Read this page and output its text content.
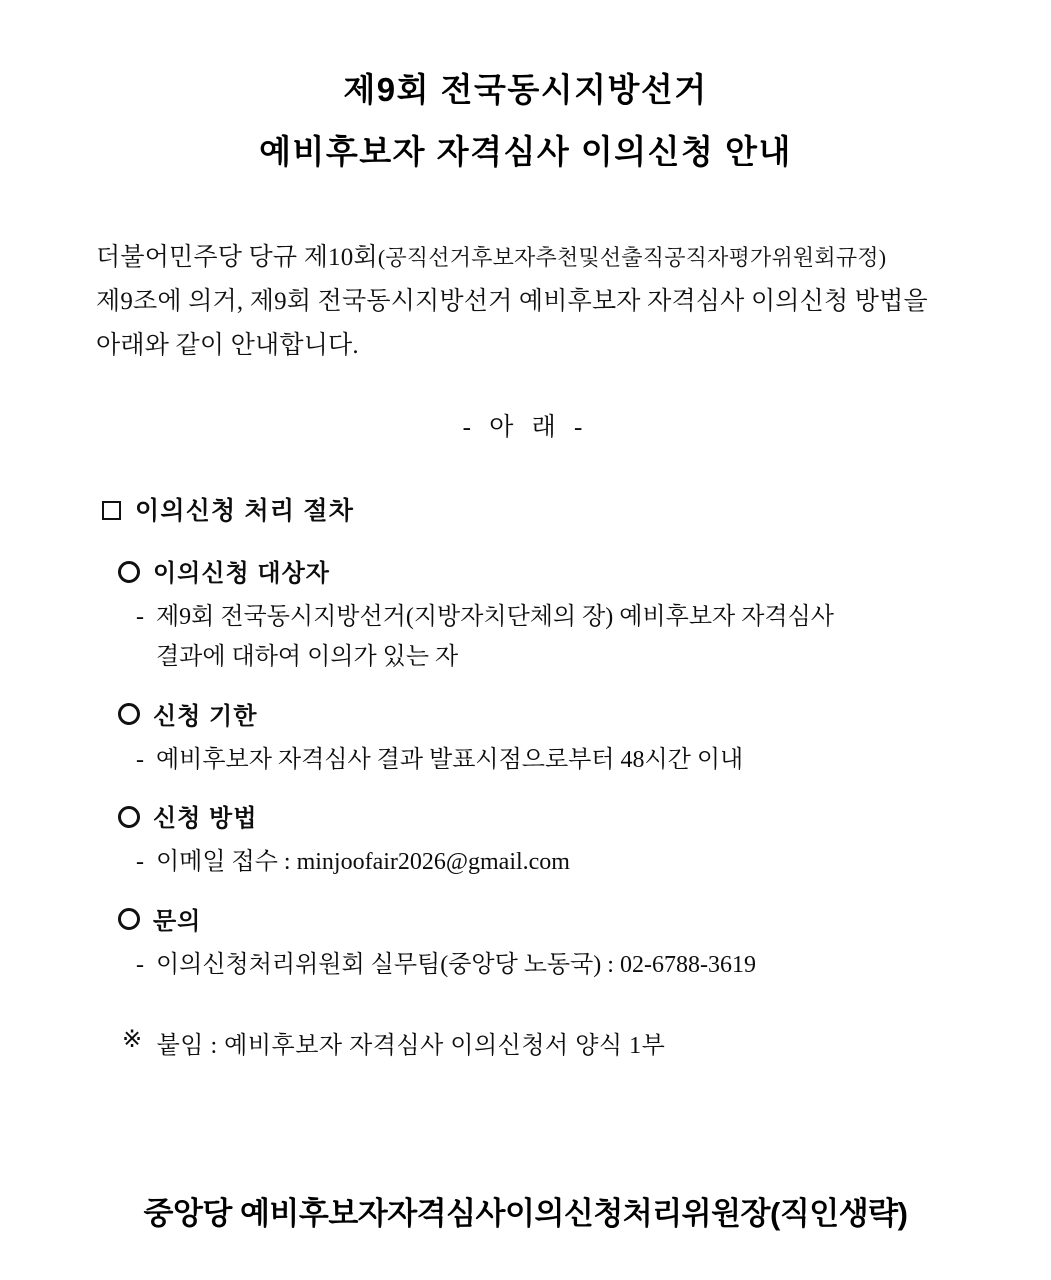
제9회 전국동시지방선거
예비후보자 자격심사 이의신청 안내

더불어민주당 당규 제10회(공직선거후보자추천및선출직공직자평가위원회규정)
제9조에 의거, 제9회 전국동시지방선거 예비후보자 자격심사 이의신청 방법을
아래와 같이 안내합니다.

- 아 래 -
이의신청 처리 절차
이의신청 대상자
- 제9회 전국동시지방선거(지방자치단체의 장) 예비후보자 자격심사
결과에 대하여 이의가 있는 자
신청 기한
- 예비후보자 자격심사 결과 발표시점으로부터 48시간 이내
신청 방법
- 이메일 접수 : minjoofair2026@gmail.com
문의
- 이의신청처리위원회 실무팀(중앙당 노동국) : 02-6788-3619
※ 붙임 : 예비후보자 자격심사 이의신청서 양식 1부
중앙당 예비후보자자격심사이의신청처리위원장(직인생략)
